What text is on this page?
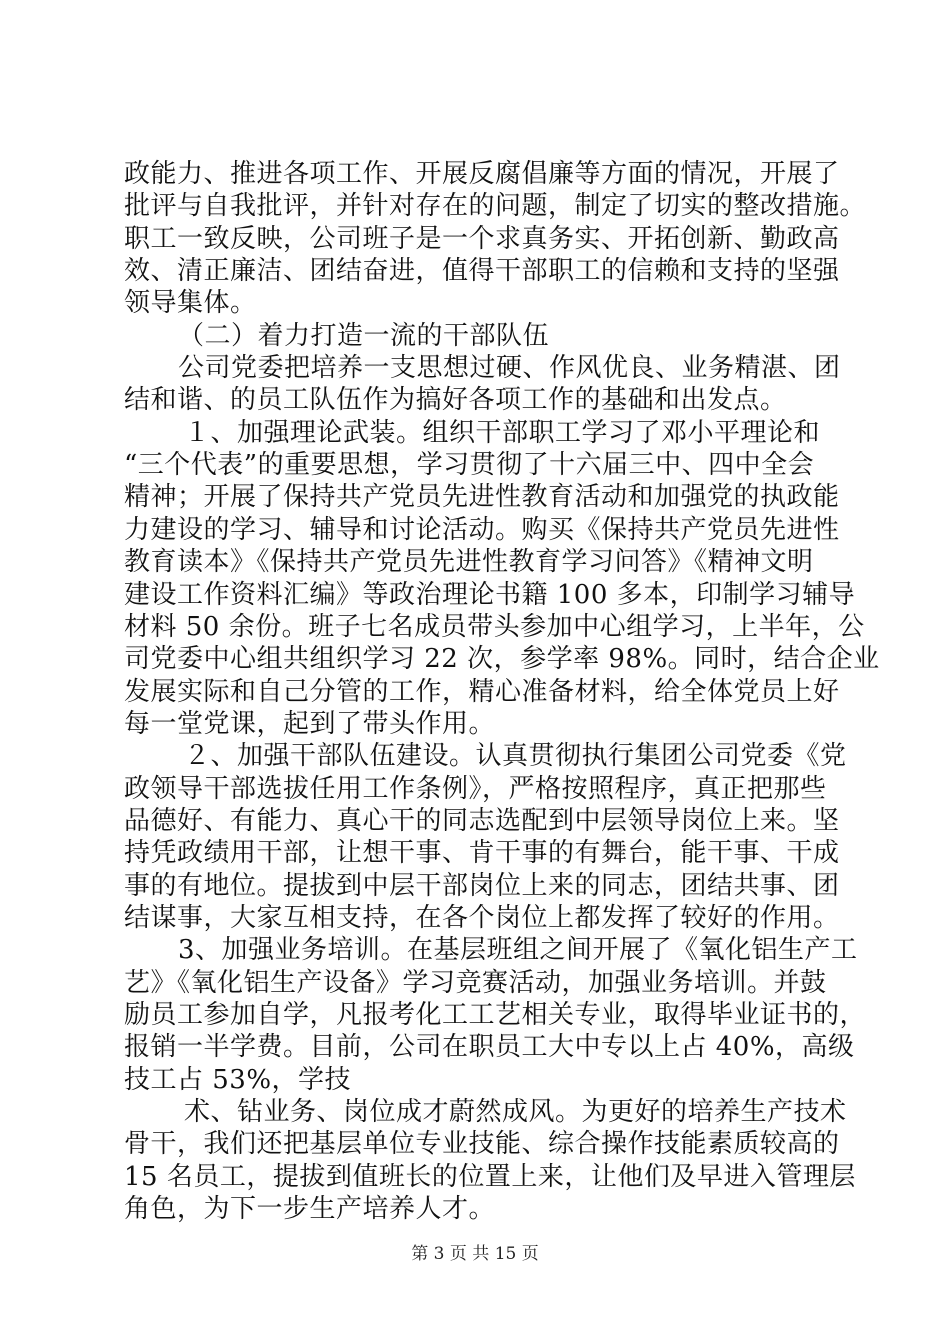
政能力、推进各项工作、开展反腐倡廉等方面的情况，开展了
批评与自我批评，并针对存在的问题，制定了切实的整改措施。
职工一致反映，公司班子是一个求真务实、开拓创新、勤政高
效、清正廉洁、团结奋进，值得干部职工的信赖和支持的坚强
领导集体。
（二）着力打造一流的干部队伍
公司党委把培养一支思想过硬、作风优良、业务精湛、团
结和谐、的员工队伍作为搞好各项工作的基础和出发点。
１、加强理论武装。组织干部职工学习了邓小平理论和
“三个代表”的重要思想，学习贯彻了十六届三中、四中全会
精神；开展了保持共产党员先进性教育活动和加强党的执政能
力建设的学习、辅导和讨论活动。购买《保持共产党员先进性
教育读本》《保持共产党员先进性教育学习问答》《精神文明
建设工作资料汇编》等政治理论书籍 100 多本，印制学习辅导
材料 50 余份。班子七名成员带头参加中心组学习，上半年，公
司党委中心组共组织学习 22 次，参学率 98%。同时，结合企业
发展实际和自己分管的工作，精心准备材料，给全体党员上好
每一堂党课，起到了带头作用。
２、加强干部队伍建设。认真贯彻执行集团公司党委《党
政领导干部选拔任用工作条例》，严格按照程序，真正把那些
品德好、有能力、真心干的同志选配到中层领导岗位上来。坚
持凭政绩用干部，让想干事、肯干事的有舞台，能干事、干成
事的有地位。提拔到中层干部岗位上来的同志，团结共事、团
结谋事，大家互相支持，在各个岗位上都发挥了较好的作用。
3、加强业务培训。在基层班组之间开展了《氧化铝生产工
艺》《氧化铝生产设备》学习竞赛活动，加强业务培训。并鼓
励员工参加自学，凡报考化工工艺相关专业，取得毕业证书的，
报销一半学费。目前，公司在职员工大中专以上占 40%，高级
技工占 53%，学技
术、钻业务、岗位成才蔚然成风。为更好的培养生产技术
骨干，我们还把基层单位专业技能、综合操作技能素质较高的
15 名员工，提拔到值班长的位置上来，让他们及早进入管理层
角色，为下一步生产培养人才。
第 3 页 共 15 页
